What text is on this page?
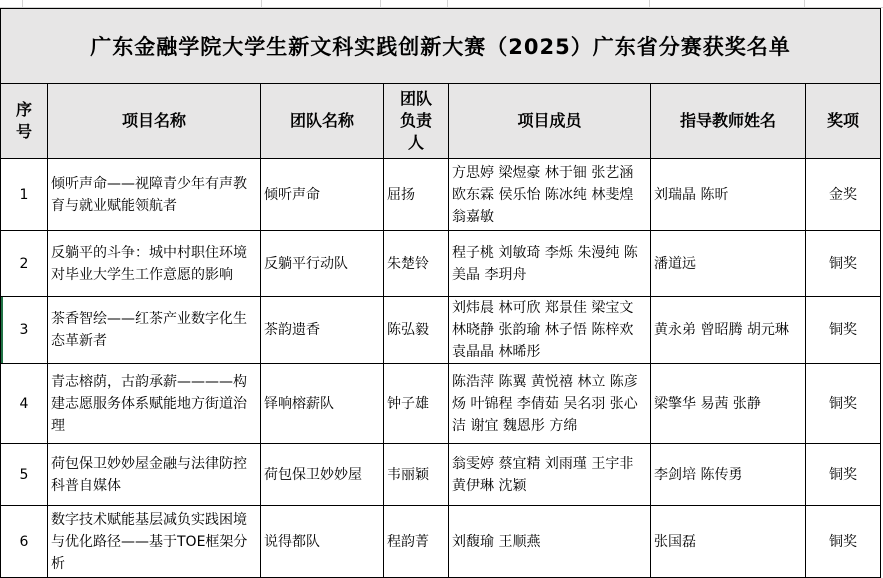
广东金融学院大学生新文科实践创新大赛（2025）广东省分赛获奖名单						
序号	项目名称	团队名称	团队负责人	项目成员	指导教师姓名	奖项
1	倾听声命——视障青少年有声教育与就业赋能领航者	倾听声命	屈扬	方思婷 梁煜豪 林于钿 张艺涵 欧东霖 侯乐怡 陈冰纯 林斐煌 翁嘉敏	刘瑞晶 陈昕	金奖
2	反躺平的斗争：城中村职住环境对毕业大学生工作意愿的影响	反躺平行动队	朱楚铃	程子桃 刘敏琦 李烁 朱漫纯 陈美晶 李玥舟	潘道远	铜奖
3	茶香智绘——红茶产业数字化生态革新者	茶韵遗香	陈弘毅	刘炜晨 林可欣 郑景佳 梁宝文 林晓静 张韵瑜 林子悟 陈梓欢 袁晶晶 林晞彤	黄永弟 曾昭腾 胡元琳	铜奖
4	青志榕荫，古韵承薪————构建志愿服务体系赋能地方街道治理	铎响榕薪队	钟子雄	陈浩萍 陈翼 黄悦禧 林立 陈彦炀 叶锦程 李倩茹 吴名羽 张心洁 谢宜 魏恩彤 方绵	梁擎华 易茜 张静	铜奖
5	荷包保卫妙妙屋金融与法律防控科普自媒体	荷包保卫妙妙屋	韦丽颖	翁雯婷 蔡宜精 刘雨瑾 王宇非 黄伊琳 沈颖	李剑培 陈传勇	铜奖
6	数字技术赋能基层减负实践困境与优化路径——基于TOE框架分析	说得都队	程韵菁	刘馥瑜 王顺燕	张国磊	铜奖
